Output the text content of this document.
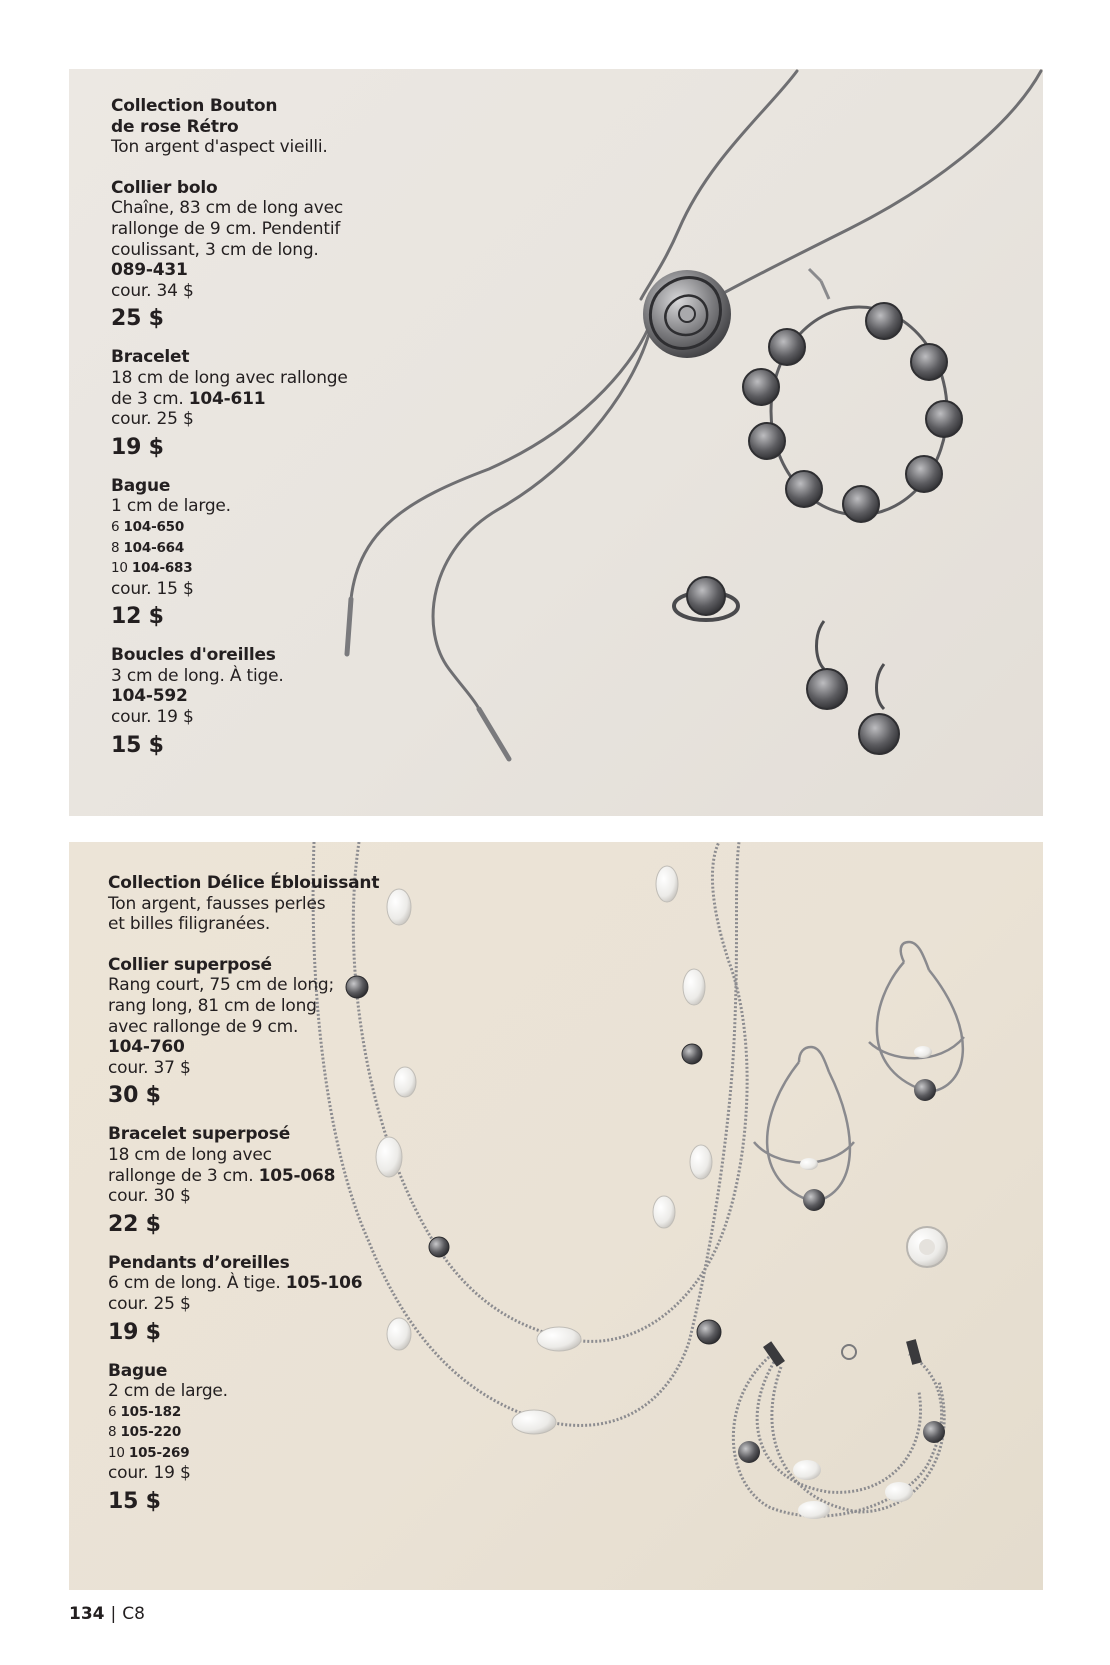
Collection Bouton
de rose Rétro
Ton argent d'aspect vieilli.
Collier bolo
Chaîne, 83 cm de long avec
rallonge de 9 cm. Pendentif
coulissant, 3 cm de long.
089-431
cour. 34 $
25 $
Bracelet
18 cm de long avec rallonge
de 3 cm. 104-611
cour. 25 $
19 $
Bague
1 cm de large.
6 104-650
8 104-664
10 104-683
cour. 15 $
12 $
Boucles d'oreilles
3 cm de long. À tige.
104-592
cour. 19 $
15 $
Collection Délice Éblouissant
Ton argent, fausses perles
et billes filigranées.
Collier superposé
Rang court, 75 cm de long;
rang long, 81 cm de long
avec rallonge de 9 cm.
104-760
cour. 37 $
30 $
Bracelet superposé
18 cm de long avec
rallonge de 3 cm. 105-068
cour. 30 $
22 $
Pendants d’oreilles
6 cm de long. À tige. 105-106
cour. 25 $
19 $
Bague
2 cm de large.
6 105-182
8 105-220
10 105-269
cour. 19 $
15 $
134 | C8
